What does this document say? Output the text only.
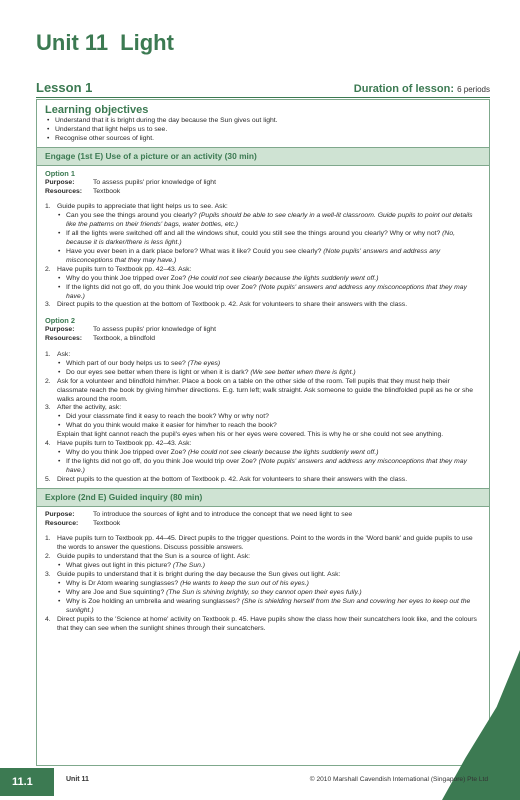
Unit 11 Light
Lesson 1	Duration of lesson: 6 periods
Learning objectives
• Understand that it is bright during the day because the Sun gives out light.
• Understand that light helps us to see.
• Recognise other sources of light.
Engage (1st E) Use of a picture or an activity (30 min)
Option 1
Purpose:	To assess pupils' prior knowledge of light
Resources:	Textbook
1. Guide pupils to appreciate that light helps us to see. Ask:
• Can you see the things around you clearly? (Pupils should be able to see clearly in a well-lit classroom. Guide pupils to point out details like the patterns on their friends' bags, water bottles, etc.)
• If all the lights were switched off and all the windows shut, could you still see the things around you clearly? Why or why not? (No, because it is darker/there is less light.)
• Have you ever been in a dark place before? What was it like? Could you see clearly? (Note pupils' answers and address any misconceptions that they may have.)
2. Have pupils turn to Textbook pp. 42–43. Ask:
• Why do you think Joe tripped over Zoe? (He could not see clearly because the lights suddenly went off.)
• If the lights did not go off, do you think Joe would trip over Zoe? (Note pupils' answers and address any misconceptions that they may have.)
3. Direct pupils to the question at the bottom of Textbook p. 42. Ask for volunteers to share their answers with the class.
Option 2
Purpose:	To assess pupils' prior knowledge of light
Resources:	Textbook, a blindfold
1. Ask:
• Which part of our body helps us to see? (The eyes)
• Do our eyes see better when there is light or when it is dark? (We see better when there is light.)
2. Ask for a volunteer and blindfold him/her. Place a book on a table on the other side of the room. Tell pupils that they must help their classmate reach the book by giving him/her directions. E.g. turn left; walk straight. Ask someone to guide the blindfolded pupil as he or she walks around the room.
3. After the activity, ask:
• Did your classmate find it easy to reach the book? Why or why not?
• What do you think would make it easier for him/her to reach the book?
Explain that light cannot reach the pupil's eyes when his or her eyes were covered. This is why he or she could not see anything.
4. Have pupils turn to Textbook pp. 42–43. Ask:
• Why do you think Joe tripped over Zoe? (He could not see clearly because the lights suddenly went off.)
• If the lights did not go off, do you think Joe would trip over Zoe? (Note pupils' answers and address any misconceptions that they may have.)
5. Direct pupils to the question at the bottom of Textbook p. 42. Ask for volunteers to share their answers with the class.
Explore (2nd E) Guided inquiry (80 min)
Purpose:	To introduce the sources of light and to introduce the concept that we need light to see
Resource:	Textbook
1. Have pupils turn to Textbook pp. 44–45. Direct pupils to the trigger questions. Point to the words in the 'Word bank' and guide pupils to use the words to answer the questions. Discuss possible answers.
2. Guide pupils to understand that the Sun is a source of light. Ask:
• What gives out light in this picture? (The Sun.)
3. Guide pupils to understand that it is bright during the day because the Sun gives out light. Ask:
• Why is Dr Atom wearing sunglasses? (He wants to keep the sun out of his eyes.)
• Why are Joe and Sue squinting? (The Sun is shining brightly, so they cannot open their eyes fully.)
• Why is Zoe holding an umbrella and wearing sunglasses? (She is shielding herself from the Sun and covering her eyes to keep out the sunlight.)
4. Direct pupils to the 'Science at home' activity on Textbook p. 45. Have pupils show the class how their suncatchers look like, and the colours that they can see when the sunlight shines through their suncatchers.
11.1	Unit 11	© 2010 Marshall Cavendish International (Singapore) Pte Ltd
